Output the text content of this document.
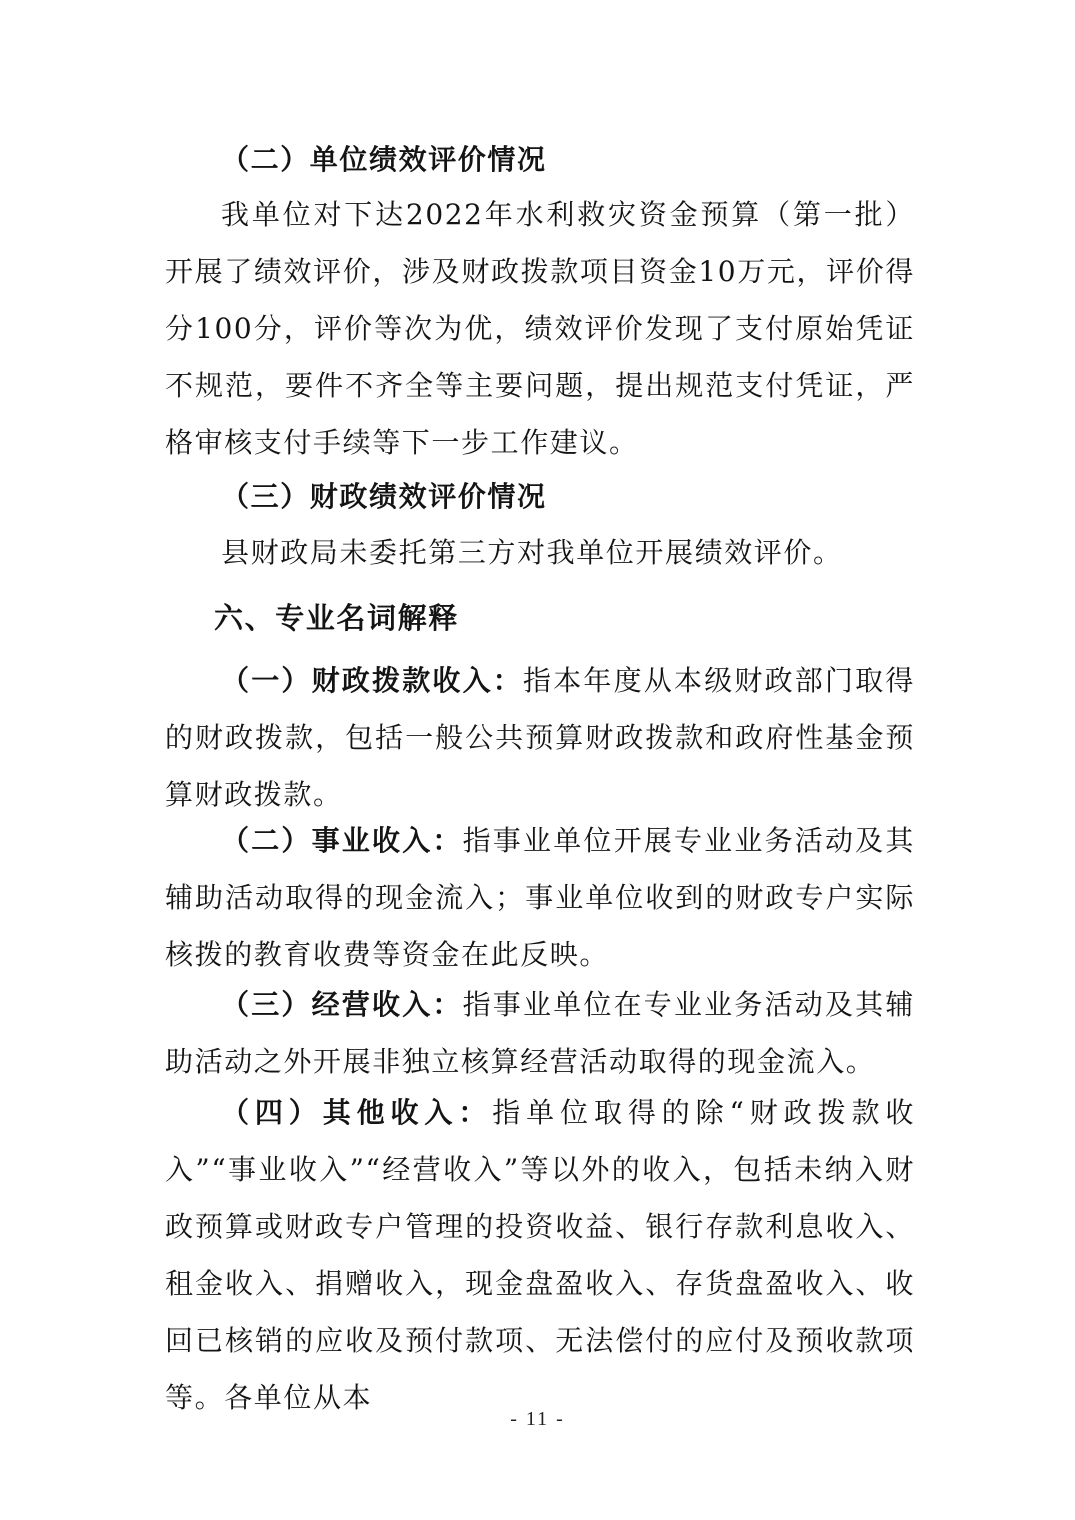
（二）单位绩效评价情况

我单位对下达2022年水利救灾资金预算（第一批）开展了绩效评价，涉及财政拨款项目资金10万元，评价得分100分，评价等次为优，绩效评价发现了支付原始凭证不规范，要件不齐全等主要问题，提出规范支付凭证，严格审核支付手续等下一步工作建议。

（三）财政绩效评价情况

县财政局未委托第三方对我单位开展绩效评价。

六、专业名词解释

（一）财政拨款收入：指本年度从本级财政部门取得的财政拨款，包括一般公共预算财政拨款和政府性基金预算财政拨款。

（二）事业收入：指事业单位开展专业业务活动及其辅助活动取得的现金流入；事业单位收到的财政专户实际核拨的教育收费等资金在此反映。

（三）经营收入：指事业单位在专业业务活动及其辅助活动之外开展非独立核算经营活动取得的现金流入。

（四）其他收入：指单位取得的除“财政拨款收入”“事业收入”“经营收入”等以外的收入，包括未纳入财政预算或财政专户管理的投资收益、银行存款利息收入、租金收入、捐赠收入，现金盘盈收入、存货盘盈收入、收回已核销的应收及预付款项、无法偿付的应付及预收款项等。各单位从本

- 11 -
